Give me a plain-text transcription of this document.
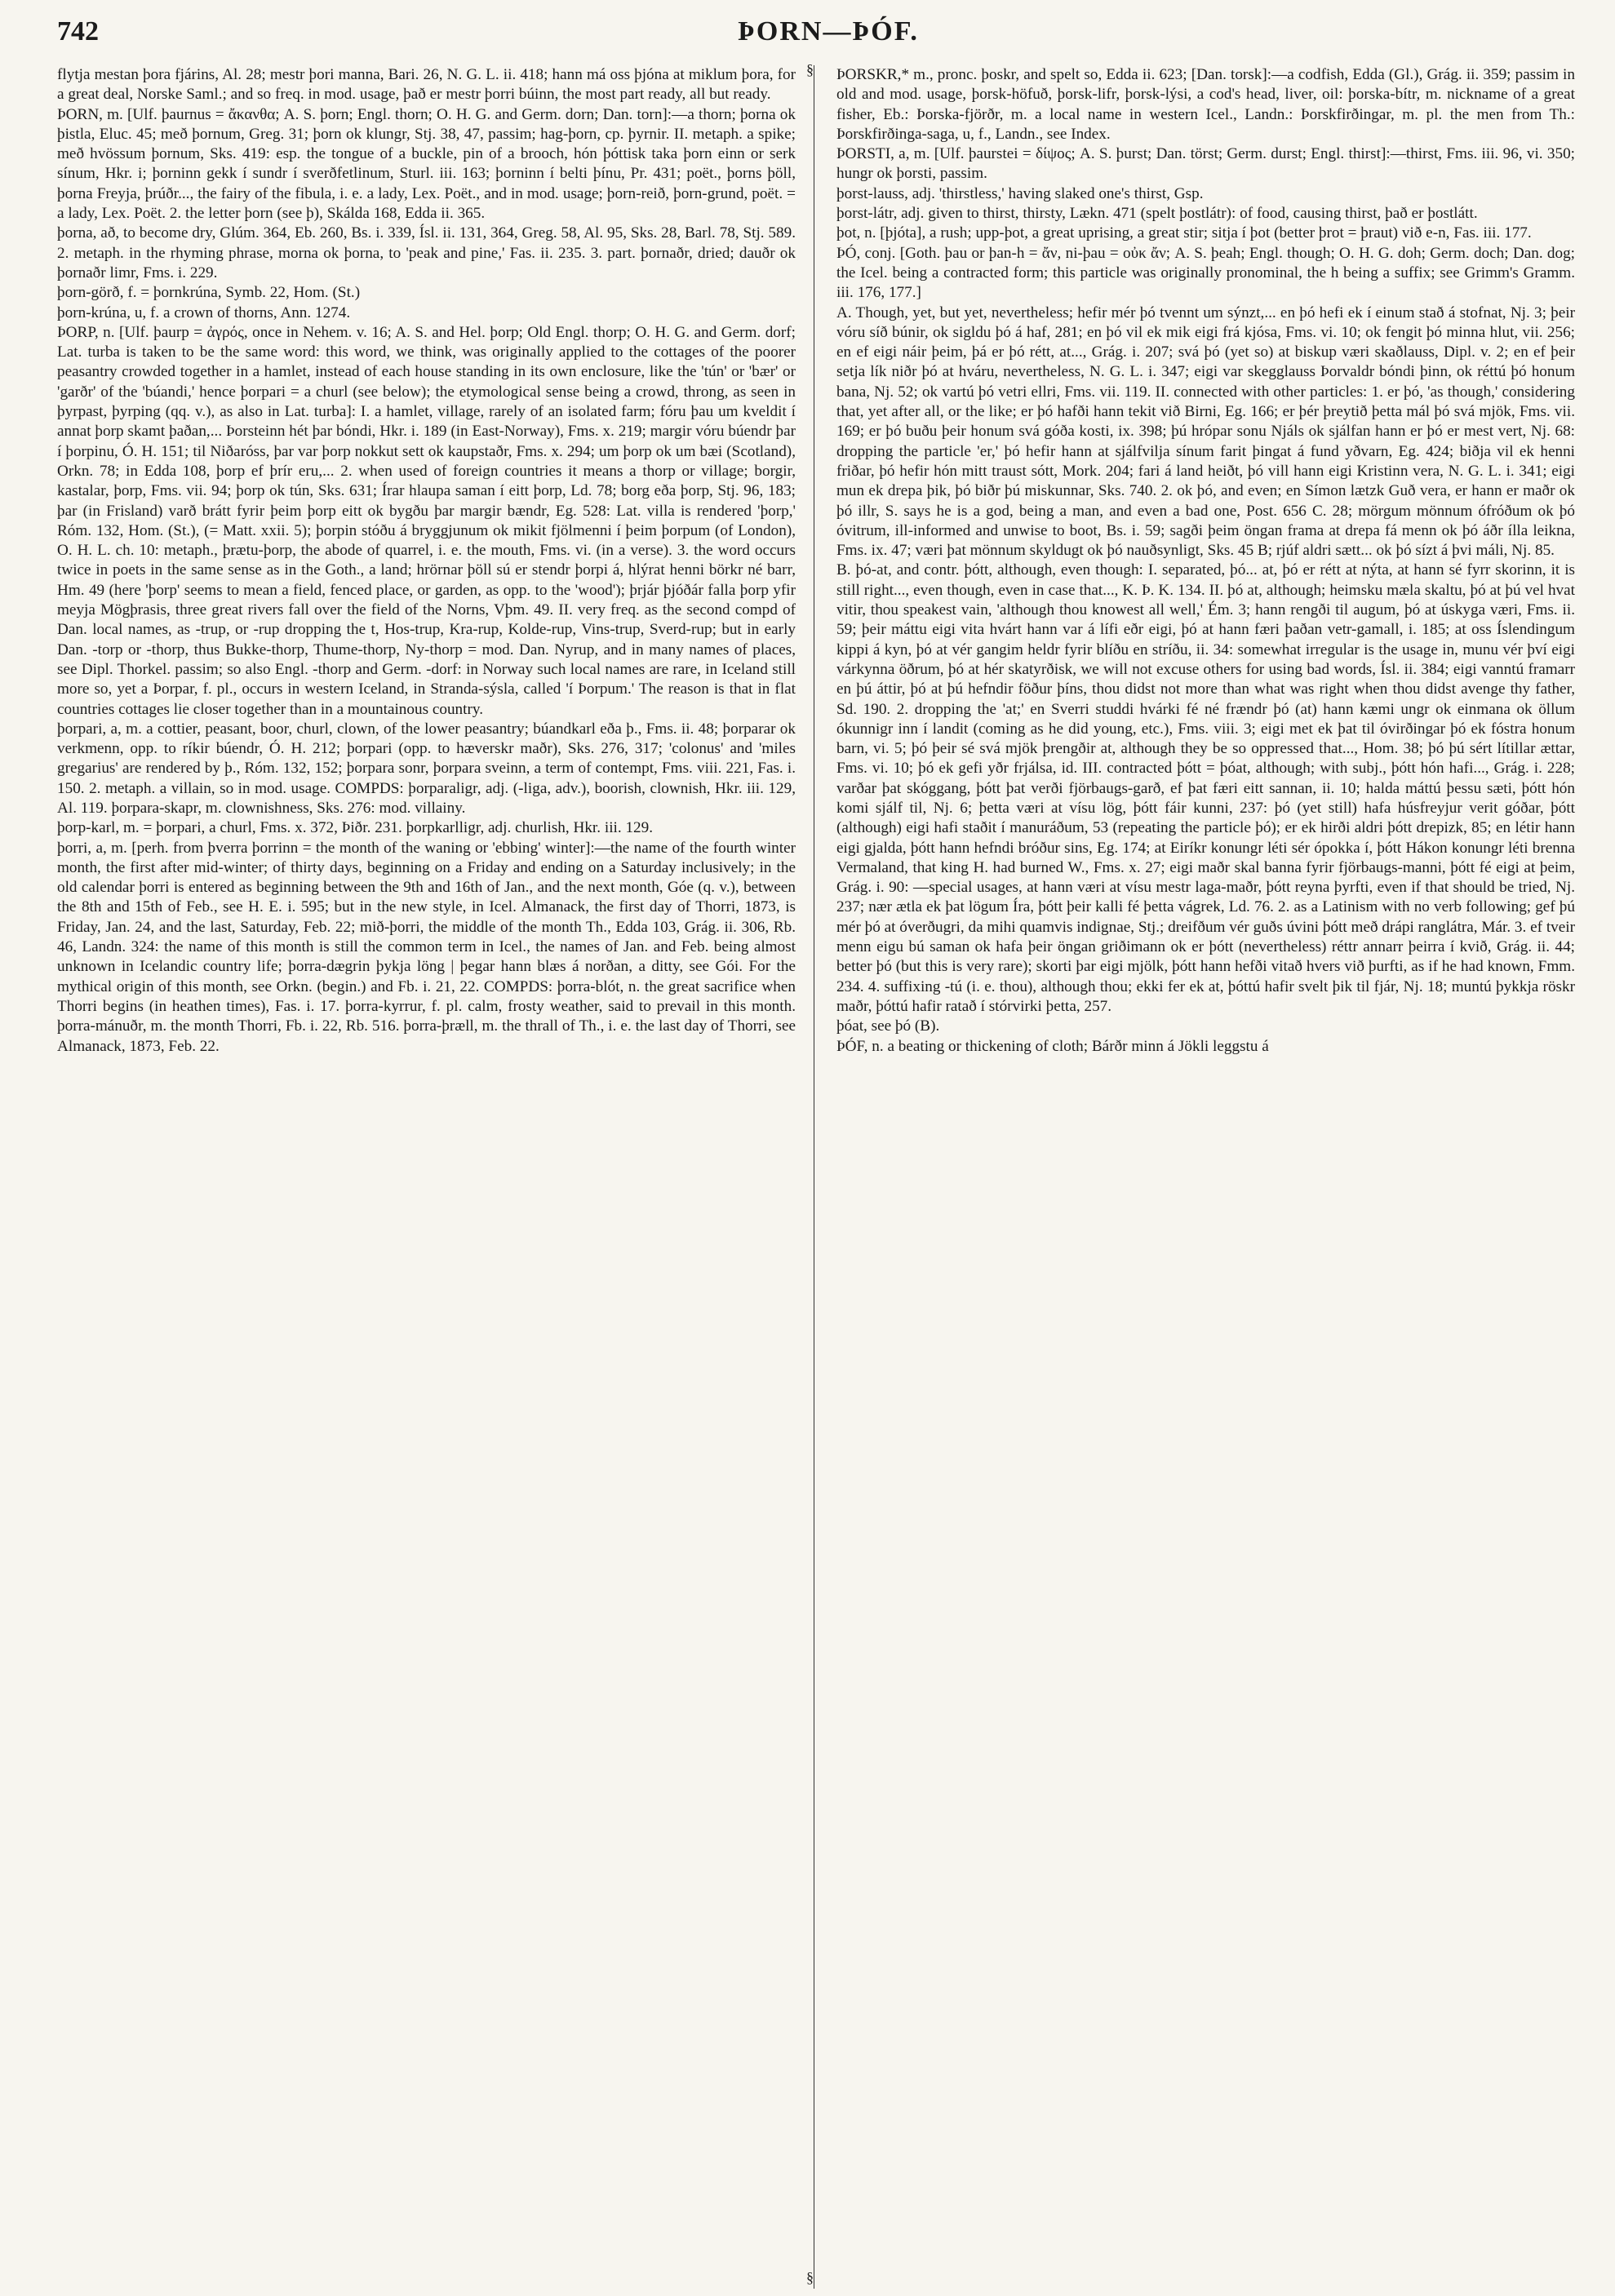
742	ÞORN—ÞÓF.

flytja mestan þora fjárins, Al. 28; mestr þori manna, Bari. 26, N. G. L. ii. 418; hann má oss þjóna at miklum þora, for a great deal, Norske Saml.; and so freq. in mod. usage, það er mestr þorri búinn, the most part ready, all but ready.

ÞORN, m. [Ulf. þaurnus = ἄκανθα; A. S. þorn; Engl. thorn; O. H. G. and Germ. dorn; Dan. torn]:—a thorn; þorna ok þistla, Eluc. 45; með þornum, Greg. 31; þorn ok klungr, Stj. 38, 47, passim; hag-þorn, cp. þyrnir. II. metaph. a spike; með hvössum þornum, Sks. 419: esp. the tongue of a buckle, pin of a brooch, hón þóttisk taka þorn einn or serk sínum, Hkr. i; þorninn gekk í sundr í sverðfetlinum, Sturl. iii. 163; þorninn í belti þínu, Pr. 431; poët., þorns þöll, þorna Freyja, þrúðr..., the fairy of the fibula, i. e. a lady, Lex. Poët., and in mod. usage; þorn-reið, þorn-grund, poët. = a lady, Lex. Poët. 2. the letter þorn (see þ), Skálda 168, Edda ii. 365.

þorna, að, to become dry, Glúm. 364, Eb. 260, Bs. i. 339, Ísl. ii. 131, 364, Greg. 58, Al. 95, Sks. 28, Barl. 78, Stj. 589. 2. metaph. in the rhyming phrase, morna ok þorna, to 'peak and pine,' Fas. ii. 235. 3. part. þornaðr, dried; dauðr ok þornaðr limr, Fms. i. 229.

þorn-görð, f. = þornkrúna, Symb. 22, Hom. (St.)

þorn-krúna, u, f. a crown of thorns, Ann. 1274.

ÞORP, n. [Ulf. þaurp = ἀγρός, once in Nehem. v. 16; A. S. and Hel. þorp; Old Engl. thorp; O. H. G. and Germ. dorf; Lat. turba is taken to be the same word: this word, we think, was originally applied to the cottages of the poorer peasantry crowded together in a hamlet, instead of each house standing in its own enclosure, like the 'tún' or 'bær' or 'garðr' of the 'búandi,' hence þorpari = a churl (see below); the etymological sense being a crowd, throng, as seen in þyrpast, þyrping (qq. v.), as also in Lat. turba]: I. a hamlet, village, rarely of an isolated farm; fóru þau um kveldit í annat þorp skamt þaðan,... Þorsteinn hét þar bóndi, Hkr. i. 189 (in East-Norway), Fms. x. 219; margir vóru búendr þar í þorpinu, Ó. H. 151; til Niðaróss, þar var þorp nokkut sett ok kaupstaðr, Fms. x. 294; um þorp ok um bæi (Scotland), Orkn. 78; in Edda 108, þorp ef þrír eru,... 2. when used of foreign countries it means a thorp or village; borgir, kastalar, þorp, Fms. vii. 94; þorp ok tún, Sks. 631; Írar hlaupa saman í eitt þorp, Ld. 78; borg eða þorp, Stj. 96, 183; þar (in Frisland) varð brátt fyrir þeim þorp eitt ok bygðu þar margir bændr, Eg. 528: Lat. villa is rendered 'þorp,' Róm. 132, Hom. (St.), (= Matt. xxii. 5); þorpin stóðu á bryggjunum ok mikit fjölmenni í þeim þorpum (of London), O. H. L. ch. 10: metaph., þrætu-þorp, the abode of quarrel, i. e. the mouth, Fms. vi. (in a verse). 3. the word occurs twice in poets in the same sense as in the Goth., a land; hrörnar þöll sú er stendr þorpi á, hlýrat henni börkr né barr, Hm. 49 (here 'þorp' seems to mean a field, fenced place, or garden, as opp. to the 'wood'); þrjár þjóðár falla þorp yfir meyja Mögþrasis, three great rivers fall over the field of the Norns, Vþm. 49. II. very freq. as the second compd of Dan. local names, as -trup, or -rup dropping the t, Hos-trup, Kra-rup, Kolde-rup, Vins-trup, Sverd-rup; but in early Dan. -torp or -thorp, thus Bukke-thorp, Thume-thorp, Ny-thorp = mod. Dan. Nyrup, and in many names of places, see Dipl. Thorkel. passim; so also Engl. -thorp and Germ. -dorf: in Norway such local names are rare, in Iceland still more so, yet a Þorpar, f. pl., occurs in western Iceland, in Stranda-sýsla, called 'í Þorpum.' The reason is that in flat countries cottages lie closer together than in a mountainous country.

þorpari, a, m. a cottier, peasant, boor, churl, clown, of the lower peasantry; búandkarl eða þ., Fms. ii. 48; þorparar ok verkmenn, opp. to ríkir búendr, Ó. H. 212; þorpari (opp. to hæverskr maðr), Sks. 276, 317; 'colonus' and 'miles gregarius' are rendered by þ., Róm. 132, 152; þorpara sonr, þorpara sveinn, a term of contempt, Fms. viii. 221, Fas. i. 150. 2. metaph. a villain, so in mod. usage. COMPDS: þorparaligr, adj. (-liga, adv.), boorish, clownish, Hkr. iii. 129, Al. 119. þorpara-skapr, m. clownishness, Sks. 276: mod. villainy.

þorp-karl, m. = þorpari, a churl, Fms. x. 372, Þiðr. 231. þorpkarlligr, adj. churlish, Hkr. iii. 129.

þorri, a, m. [perh. from þverra þorrinn = the month of the waning or 'ebbing' winter]:—the name of the fourth winter month, the first after mid-winter; of thirty days, beginning on a Friday and ending on a Saturday inclusively; in the old calendar þorri is entered as beginning between the 9th and 16th of Jan., and the next month, Góe (q. v.), between the 8th and 15th of Feb., see H. E. i. 595; but in the new style, in Icel. Almanack, the first day of Thorri, 1873, is Friday, Jan. 24, and the last, Saturday, Feb. 22; mið-þorri, the middle of the month Th., Edda 103, Grág. ii. 306, Rb. 46, Landn. 324: the name of this month is still the common term in Icel., the names of Jan. and Feb. being almost unknown in Icelandic country life; þorra-dægrin þykja löng | þegar hann blæs á norðan, a ditty, see Gói. For the mythical origin of this month, see Orkn. (begin.) and Fb. i. 21, 22. COMPDS: þorra-blót, n. the great sacrifice when Thorri begins (in heathen times), Fas. i. 17. þorra-kyrrur, f. pl. calm, frosty weather, said to prevail in this month. þorra-mánuðr, m. the month Thorri, Fb. i. 22, Rb. 516. þorra-þræll, m. the thrall of Th., i. e. the last day of Thorri, see Almanack, 1873, Feb. 22.

§
§

ÞORSKR,* m., pronc. þoskr, and spelt so, Edda ii. 623; [Dan. torsk]:—a codfish, Edda (Gl.), Grág. ii. 359; passim in old and mod. usage, þorsk-höfuð, þorsk-lifr, þorsk-lýsi, a cod's head, liver, oil: þorska-bítr, m. nickname of a great fisher, Eb.: Þorska-fjörðr, m. a local name in western Icel., Landn.: Þorskfirðingar, m. pl. the men from Th.: Þorskfirðinga-saga, u, f., Landn., see Index.

ÞORSTI, a, m. [Ulf. þaurstei = δίψος; A. S. þurst; Dan. törst; Germ. durst; Engl. thirst]:—thirst, Fms. iii. 96, vi. 350; hungr ok þorsti, passim.

þorst-lauss, adj. 'thirstless,' having slaked one's thirst, Gsp.

þorst-látr, adj. given to thirst, thirsty, Lækn. 471 (spelt þostlátr): of food, causing thirst, það er þostlátt.

þot, n. [þjóta], a rush; upp-þot, a great uprising, a great stir; sitja í þot (better þrot = þraut) við e-n, Fas. iii. 177.

ÞÓ, conj. [Goth. þau or þan-h = ἄν, ni-þau = οὐκ ἄν; A. S. þeah; Engl. though; O. H. G. doh; Germ. doch; Dan. dog; the Icel. being a contracted form; this particle was originally pronominal, the h being a suffix; see Grimm's Gramm. iii. 176, 177.]

A. Though, yet, but yet, nevertheless; hefir mér þó tvennt um sýnzt,... en þó hefi ek í einum stað á stofnat, Nj. 3; þeir vóru síð búnir, ok sigldu þó á haf, 281; en þó vil ek mik eigi frá kjósa, Fms. vi. 10; ok fengit þó minna hlut, vii. 256; en ef eigi náir þeim, þá er þó rétt, at..., Grág. i. 207; svá þó (yet so) at biskup væri skaðlauss, Dipl. v. 2; en ef þeir setja lík niðr þó at hváru, nevertheless, N. G. L. i. 347; eigi var skegglauss Þorvaldr bóndi þinn, ok réttú þó honum bana, Nj. 52; ok vartú þó vetri ellri, Fms. vii. 119. II. connected with other particles: 1. er þó, 'as though,' considering that, yet after all, or the like; er þó hafði hann tekit við Birni, Eg. 166; er þér þreytið þetta mál þó svá mjök, Fms. vii. 169; er þó buðu þeir honum svá góða kosti, ix. 398; þú hrópar sonu Njáls ok sjálfan hann er þó er mest vert, Nj. 68: dropping the particle 'er,' þó hefir hann at sjálfvilja sínum farit þingat á fund yðvarn, Eg. 424; biðja vil ek henni friðar, þó hefir hón mitt traust sótt, Mork. 204; fari á land heiðt, þó vill hann eigi Kristinn vera, N. G. L. i. 341; eigi mun ek drepa þik, þó biðr þú miskunnar, Sks. 740. 2. ok þó, and even; en Símon lætzk Guð vera, er hann er maðr ok þó illr, S. says he is a god, being a man, and even a bad one, Post. 656 C. 28; mörgum mönnum ófróðum ok þó óvitrum, ill-informed and unwise to boot, Bs. i. 59; sagði þeim öngan frama at drepa fá menn ok þó áðr ílla leikna, Fms. ix. 47; væri þat mönnum skyldugt ok þó nauðsynligt, Sks. 45 B; rjúf aldri sætt... ok þó sízt á þvi máli, Nj. 85.

B. þó-at, and contr. þótt, although, even though: I. separated, þó... at, þó er rétt at nýta, at hann sé fyrr skorinn, it is still right..., even though, even in case that..., K. Þ. K. 134. II. þó at, although; heimsku mæla skaltu, þó at þú vel hvat vitir, thou speakest vain, 'although thou knowest all well,' Ém. 3; hann rengði til augum, þó at úskyga væri, Fms. ii. 59; þeir máttu eigi vita hvárt hann var á lífi eðr eigi, þó at hann færi þaðan vetr-gamall, i. 185; at oss Íslendingum kippi á kyn, þó at vér gangim heldr fyrir blíðu en stríðu, ii. 34: somewhat irregular is the usage in, munu vér því eigi várkynna öðrum, þó at hér skatyrðisk, we will not excuse others for using bad words, Ísl. ii. 384; eigi vanntú framarr en þú áttir, þó at þú hefndir föður þíns, thou didst not more than what was right when thou didst avenge thy father, Sd. 190. 2. dropping the 'at;' en Sverri studdi hvárki fé né frændr þó (at) hann kæmi ungr ok einmana ok öllum ókunnigr inn í landit (coming as he did young, etc.), Fms. viii. 3; eigi met ek þat til óvirðingar þó ek fóstra honum barn, vi. 5; þó þeir sé svá mjök þrengðir at, although they be so oppressed that..., Hom. 38; þó þú sért lítillar ættar, Fms. vi. 10; þó ek gefi yðr frjálsa, id. III. contracted þótt = þóat, although; with subj., þótt hón hafi..., Grág. i. 228; varðar þat skóggang, þótt þat verði fjörbaugs-garð, ef þat færi eitt sannan, ii. 10; halda máttú þessu sæti, þótt hón komi sjálf til, Nj. 6; þetta væri at vísu lög, þótt fáir kunni, 237: þó (yet still) hafa húsfreyjur verit góðar, þótt (although) eigi hafi staðit í manuráðum, 53 (repeating the particle þó); er ek hirði aldri þótt drepizk, 85; en létir hann eigi gjalda, þótt hann hefndi bróður sins, Eg. 174; at Eiríkr konungr léti sér ópokka í, þótt Hákon konungr léti brenna Vermaland, that king H. had burned W., Fms. x. 27; eigi maðr skal banna fyrir fjörbaugs-manni, þótt fé eigi at þeim, Grág. i. 90: —special usages, at hann væri at vísu mestr laga-maðr, þótt reyna þyrfti, even if that should be tried, Nj. 237; nær ætla ek þat lögum Íra, þótt þeir kalli fé þetta vágrek, Ld. 76. 2. as a Latinism with no verb following; gef þú mér þó at óverðugri, da mihi quamvis indignae, Stj.; dreifðum vér guðs úvini þótt með drápi ranglátra, Már. 3. ef tveir menn eigu bú saman ok hafa þeir öngan griðimann ok er þótt (nevertheless) réttr annarr þeirra í kvið, Grág. ii. 44; better þó (but this is very rare); skorti þar eigi mjölk, þótt hann hefði vitað hvers við þurfti, as if he had known, Fmm. 234. 4. suffixing -tú (i. e. thou), although thou; ekki fer ek at, þóttú hafir svelt þik til fjár, Nj. 18; muntú þykkja röskr maðr, þóttú hafir ratað í stórvirki þetta, 257.

þóat, see þó (B).

ÞÓF, n. a beating or thickening of cloth; Bárðr minn á Jökli leggstu á
